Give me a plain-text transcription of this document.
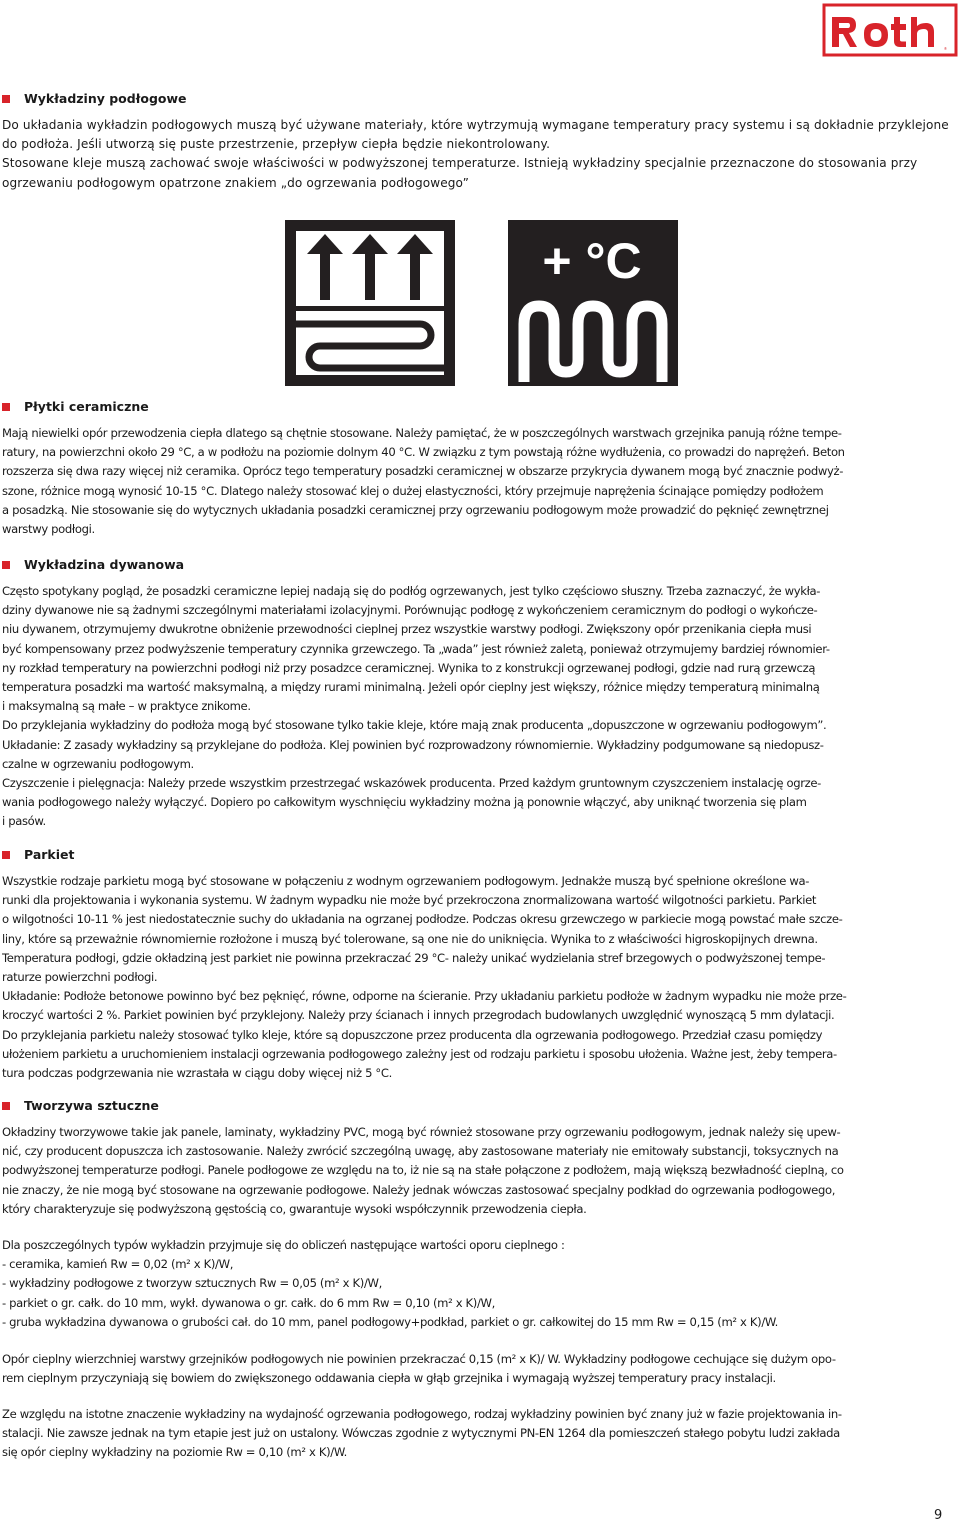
®
Wykładziny podłogowe
Do układania wykładzin podłogowych muszą być używane materiały, które wytrzymują wymagane temperatury pracy systemu i są dokładnie przyklejone
do podłoża. Jeśli utworzą się puste przestrzenie, przepływ ciepła będzie niekontrolowany.
Stosowane kleje muszą zachować swoje właściwości w podwyższonej temperaturze. Istnieją wykładziny specjalnie przeznaczone do stosowania przy
ogrzewaniu podłogowym opatrzone znakiem „do ogrzewania podłogowego”
+ °C
Płytki ceramiczne
Mają niewielki opór przewodzenia ciepła dlatego są chętnie stosowane. Należy pamiętać, że w poszczególnych warstwach grzejnika panują różne tempe-
ratury, na powierzchni około 29 °C, a w podłożu na poziomie dolnym 40 °C. W związku z tym powstają różne wydłużenia, co prowadzi do naprężeń. Beton
rozszerza się dwa razy więcej niż ceramika. Oprócz tego temperatury posadzki ceramicznej w obszarze przykrycia dywanem mogą być znacznie podwyż-
szone, różnice mogą wynosić 10-15 °C. Dlatego należy stosować klej o dużej elastyczności, który przejmuje naprężenia ścinające pomiędzy podłożem
a posadzką. Nie stosowanie się do wytycznych układania posadzki ceramicznej przy ogrzewaniu podłogowym może prowadzić do pęknięć zewnętrznej
warstwy podłogi.
Wykładzina dywanowa
Często spotykany pogląd, że posadzki ceramiczne lepiej nadają się do podłóg ogrzewanych, jest tylko częściowo słuszny. Trzeba zaznaczyć, że wykła-
dziny dywanowe nie są żadnymi szczególnymi materiałami izolacyjnymi. Porównując podłogę z wykończeniem ceramicznym do podłogi o wykończe-
niu dywanem, otrzymujemy dwukrotne obniżenie przewodności cieplnej przez wszystkie warstwy podłogi. Zwiększony opór przenikania ciepła musi
być kompensowany przez podwyższenie temperatury czynnika grzewczego. Ta „wada” jest również zaletą, ponieważ otrzymujemy bardziej równomier-
ny rozkład temperatury na powierzchni podłogi niż przy posadzce ceramicznej. Wynika to z konstrukcji ogrzewanej podłogi, gdzie nad rurą grzewczą
temperatura posadzki ma wartość maksymalną, a między rurami minimalną. Jeżeli opór cieplny jest większy, różnice między temperaturą minimalną
i maksymalną są małe – w praktyce znikome.
Do przyklejania wykładziny do podłoża mogą być stosowane tylko takie kleje, które mają znak producenta „dopuszczone w ogrzewaniu podłogowym”.
Układanie: Z zasady wykładziny są przyklejane do podłoża. Klej powinien być rozprowadzony równomiernie. Wykładziny podgumowane są niedopusz-
czalne w ogrzewaniu podłogowym.
Czyszczenie i pielęgnacja: Należy przede wszystkim przestrzegać wskazówek producenta. Przed każdym gruntownym czyszczeniem instalację ogrze-
wania podłogowego należy wyłączyć. Dopiero po całkowitym wyschnięciu wykładziny można ją ponownie włączyć, aby uniknąć tworzenia się plam
i pasów.
Parkiet
Wszystkie rodzaje parkietu mogą być stosowane w połączeniu z wodnym ogrzewaniem podłogowym. Jednakże muszą być spełnione określone wa-
runki dla projektowania i wykonania systemu. W żadnym wypadku nie może być przekroczona znormalizowana wartość wilgotności parkietu. Parkiet
o wilgotności 10-11 % jest niedostatecznie suchy do układania na ogrzanej podłodze. Podczas okresu grzewczego w parkiecie mogą powstać małe szcze-
liny, które są przeważnie równomiernie rozłożone i muszą być tolerowane, są one nie do uniknięcia. Wynika to z właściwości higroskopijnych drewna.
Temperatura podłogi, gdzie okładziną jest parkiet nie powinna przekraczać 29 °C- należy unikać wydzielania stref brzegowych o podwyższonej tempe-
raturze powierzchni podłogi.
Układanie: Podłoże betonowe powinno być bez pęknięć, równe, odporne na ścieranie. Przy układaniu parkietu podłoże w żadnym wypadku nie może prze-
kroczyć wartości 2 %. Parkiet powinien być przyklejony. Należy przy ścianach i innych przegrodach budowlanych uwzględnić wynoszącą 5 mm dylatacji.
Do przyklejania parkietu należy stosować tylko kleje, które są dopuszczone przez producenta dla ogrzewania podłogowego. Przedział czasu pomiędzy
ułożeniem parkietu a uruchomieniem instalacji ogrzewania podłogowego zależny jest od rodzaju parkietu i sposobu ułożenia. Ważne jest, żeby tempera-
tura podczas podgrzewania nie wzrastała w ciągu doby więcej niż 5 °C.
Tworzywa sztuczne
Okładziny tworzywowe takie jak panele, laminaty, wykładziny PVC, mogą być również stosowane przy ogrzewaniu podłogowym, jednak należy się upew-
nić, czy producent dopuszcza ich zastosowanie. Należy zwrócić szczególną uwagę, aby zastosowane materiały nie emitowały substancji, toksycznych na
podwyższonej temperaturze podłogi. Panele podłogowe ze względu na to, iż nie są na stałe połączone z podłożem, mają większą bezwładność cieplną, co
nie znaczy, że nie mogą być stosowane na ogrzewanie podłogowe. Należy jednak wówczas zastosować specjalny podkład do ogrzewania podłogowego,
który charakteryzuje się podwyższoną gęstością co, gwarantuje wysoki współczynnik przewodzenia ciepła.
Dla poszczególnych typów wykładzin przyjmuje się do obliczeń następujące wartości oporu cieplnego :
- ceramika, kamień Rw = 0,02 (m² x K)/W,
- wykładziny podłogowe z tworzyw sztucznych Rw = 0,05 (m² x K)/W,
- parkiet o gr. całk. do 10 mm, wykł. dywanowa o gr. całk. do 6 mm Rw = 0,10 (m² x K)/W,
- gruba wykładzina dywanowa o grubości cał. do 10 mm, panel podłogowy+podkład, parkiet o gr. całkowitej do 15 mm Rw = 0,15 (m² x K)/W.
Opór cieplny wierzchniej warstwy grzejników podłogowych nie powinien przekraczać 0,15 (m² x K)/ W. Wykładziny podłogowe cechujące się dużym opo-
rem cieplnym przyczyniają się bowiem do zwiększonego oddawania ciepła w głąb grzejnika i wymagają wyższej temperatury pracy instalacji.
Ze względu na istotne znaczenie wykładziny na wydajność ogrzewania podłogowego, rodzaj wykładziny powinien być znany już w fazie projektowania in-
stalacji. Nie zawsze jednak na tym etapie jest już on ustalony. Wówczas zgodnie z wytycznymi PN-EN 1264 dla pomieszczeń stałego pobytu ludzi zakłada
się opór cieplny wykładziny na poziomie Rw = 0,10 (m² x K)/W.
9
